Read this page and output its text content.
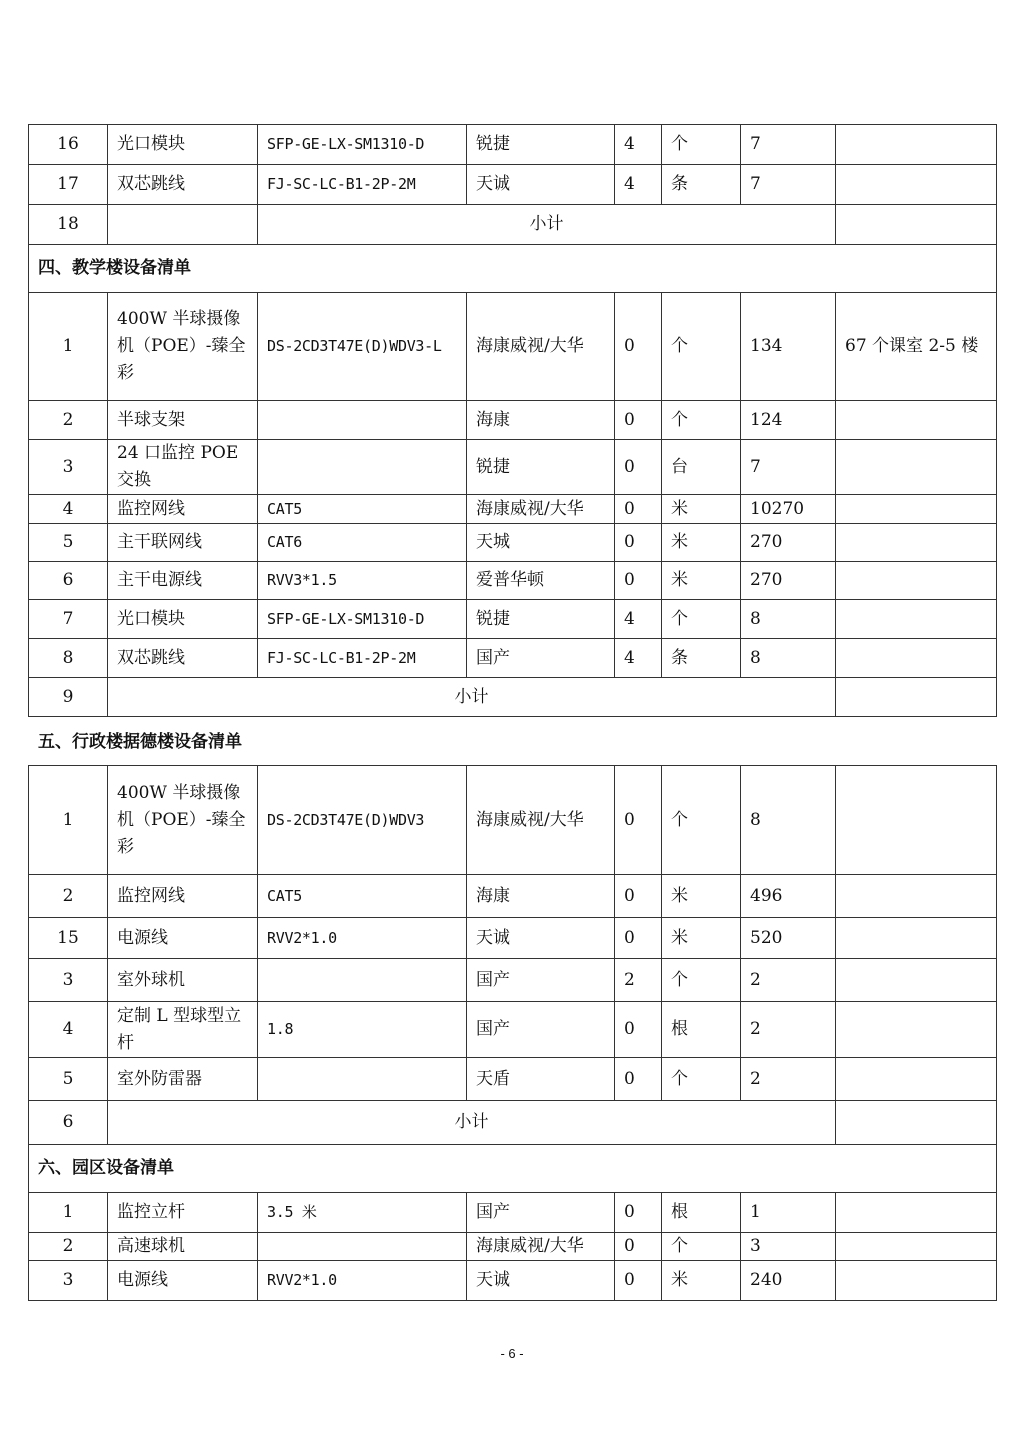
16	光口模块	SFP-GE-LX-SM1310-D	锐捷	4	个	7	
17	双芯跳线	FJ-SC-LC-B1-2P-2M	天诚	4	条	7	
18		小计					
四、教学楼设备清单							
1	400W 半球摄像机（POE）-臻全彩	DS-2CD3T47E(D)WDV3-L	海康威视/大华	0	个	134	67 个课室 2-5 楼
2	半球支架		海康	0	个	124	
3	24 口监控 POE 交换		锐捷	0	台	7	
4	监控网线	CAT5	海康威视/大华	0	米	10270	
5	主干联网线	CAT6	天城	0	米	270	
6	主干电源线	RVV3*1.5	爱普华顿	0	米	270	
7	光口模块	SFP-GE-LX-SM1310-D	锐捷	4	个	8	
8	双芯跳线	FJ-SC-LC-B1-2P-2M	国产	4	条	8	
9	小计						
五、行政楼据德楼设备清单
1	400W 半球摄像机（POE）-臻全彩	DS-2CD3T47E(D)WDV3	海康威视/大华	0	个	8	
2	监控网线	CAT5	海康	0	米	496	
15	电源线	RVV2*1.0	天诚	0	米	520	
3	室外球机		国产	2	个	2	
4	定制 L 型球型立杆	1.8	国产	0	根	2	
5	室外防雷器		天盾	0	个	2	
6	小计						
六、园区设备清单							
1	监控立杆	3.5 米	国产	0	根	1	
2	高速球机		海康威视/大华	0	个	3	
3	电源线	RVV2*1.0	天诚	0	米	240	
- 6 -
